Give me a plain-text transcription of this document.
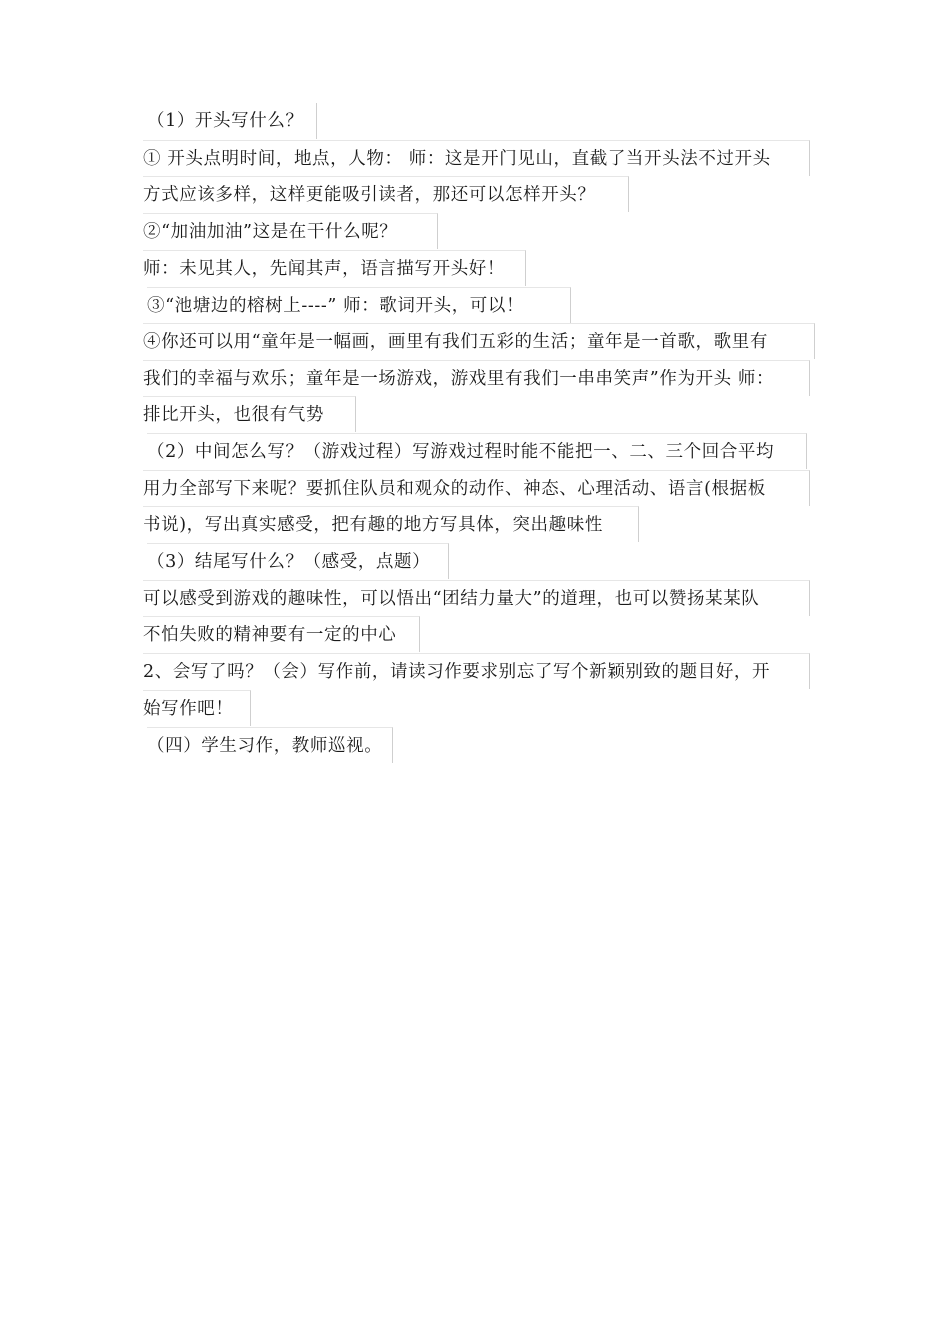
（1）开头写什么？
① 开头点明时间，地点，人物： 师：这是开门见山，直截了当开头法不过开头
方式应该多样，这样更能吸引读者，那还可以怎样开头？
②“加油加油”这是在干什么呢？
师：未见其人，先闻其声，语言描写开头好！
③“池塘边的榕树上----” 师：歌词开头，可以！
④你还可以用“童年是一幅画，画里有我们五彩的生活；童年是一首歌，歌里有
我们的幸福与欢乐；童年是一场游戏，游戏里有我们一串串笑声”作为开头 师：
排比开头，也很有气势
（2）中间怎么写？（游戏过程）写游戏过程时能不能把一、二、三个回合平均
用力全部写下来呢？要抓住队员和观众的动作、神态、心理活动、语言(根据板
书说)，写出真实感受，把有趣的地方写具体，突出趣味性
（3）结尾写什么？（感受，点题）
可以感受到游戏的趣味性，可以悟出“团结力量大”的道理，也可以赞扬某某队
不怕失败的精神要有一定的中心
2、会写了吗？（会）写作前，请读习作要求别忘了写个新颖别致的题目好，开
始写作吧！
（四）学生习作，教师巡视。
